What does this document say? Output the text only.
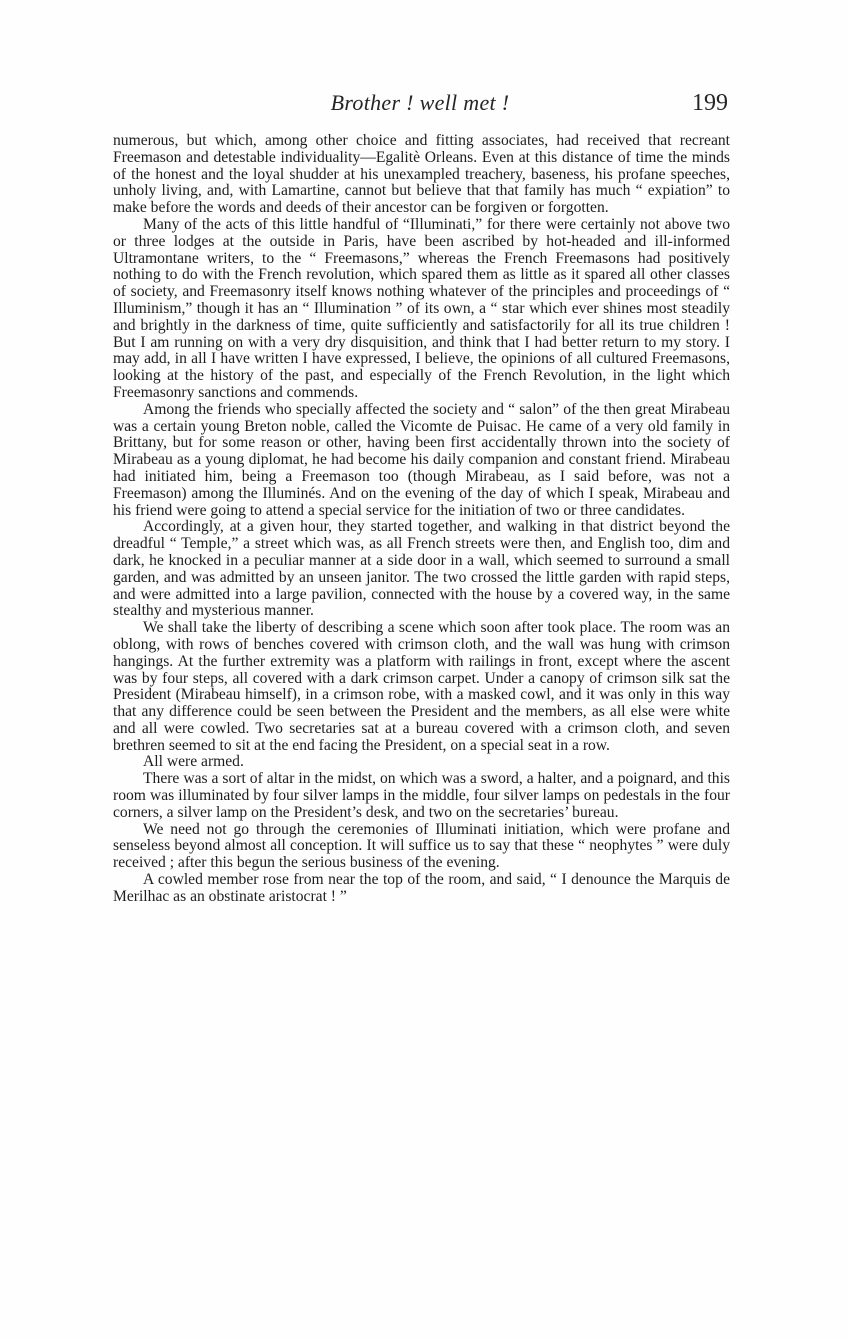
Brother ! well met !	199

numerous, but which, among other choice and fitting associates, had received that recreant Freemason and detestable individuality—Egalitè Orleans. Even at this distance of time the minds of the honest and the loyal shudder at his unexampled treachery, baseness, his profane speeches, unholy living, and, with Lamartine, cannot but believe that that family has much “ expiation” to make before the words and deeds of their ancestor can be forgiven or forgotten.

Many of the acts of this little handful of “Illuminati,” for there were certainly not above two or three lodges at the outside in Paris, have been ascribed by hot-headed and ill-informed Ultramontane writers, to the “ Freemasons,” whereas the French Freemasons had positively nothing to do with the French revolution, which spared them as little as it spared all other classes of society, and Freemasonry itself knows nothing whatever of the principles and proceedings of “ Illuminism,” though it has an “ Illumination ” of its own, a “ star which ever shines most steadily and brightly in the darkness of time, quite sufficiently and satisfactorily for all its true children ! But I am running on with a very dry disquisition, and think that I had better return to my story. I may add, in all I have written I have expressed, I believe, the opinions of all cultured Freemasons, looking at the history of the past, and especially of the French Revolution, in the light which Freemasonry sanctions and commends.

Among the friends who specially affected the society and “ salon” of the then great Mirabeau was a certain young Breton noble, called the Vicomte de Puisac. He came of a very old family in Brittany, but for some reason or other, having been first accidentally thrown into the society of Mirabeau as a young diplomat, he had become his daily companion and constant friend. Mirabeau had initiated him, being a Freemason too (though Mirabeau, as I said before, was not a Freemason) among the Illuminés. And on the evening of the day of which I speak, Mirabeau and his friend were going to attend a special service for the initiation of two or three candidates.

Accordingly, at a given hour, they started together, and walking in that district beyond the dreadful “ Temple,” a street which was, as all French streets were then, and English too, dim and dark, he knocked in a peculiar manner at a side door in a wall, which seemed to surround a small garden, and was admitted by an unseen janitor. The two crossed the little garden with rapid steps, and were admitted into a large pavilion, connected with the house by a covered way, in the same stealthy and mysterious manner.

We shall take the liberty of describing a scene which soon after took place. The room was an oblong, with rows of benches covered with crimson cloth, and the wall was hung with crimson hangings. At the further extremity was a platform with railings in front, except where the ascent was by four steps, all covered with a dark crimson carpet. Under a canopy of crimson silk sat the President (Mirabeau himself), in a crimson robe, with a masked cowl, and it was only in this way that any difference could be seen between the President and the members, as all else were white and all were cowled. Two secretaries sat at a bureau covered with a crimson cloth, and seven brethren seemed to sit at the end facing the President, on a special seat in a row.

All were armed.

There was a sort of altar in the midst, on which was a sword, a halter, and a poignard, and this room was illuminated by four silver lamps in the middle, four silver lamps on pedestals in the four corners, a silver lamp on the President’s desk, and two on the secretaries’ bureau.

We need not go through the ceremonies of Illuminati initiation, which were profane and senseless beyond almost all conception. It will suffice us to say that these “ neophytes ” were duly received ; after this begun the serious business of the evening.

A cowled member rose from near the top of the room, and said, “ I denounce the Marquis de Merilhac as an obstinate aristocrat ! ”
